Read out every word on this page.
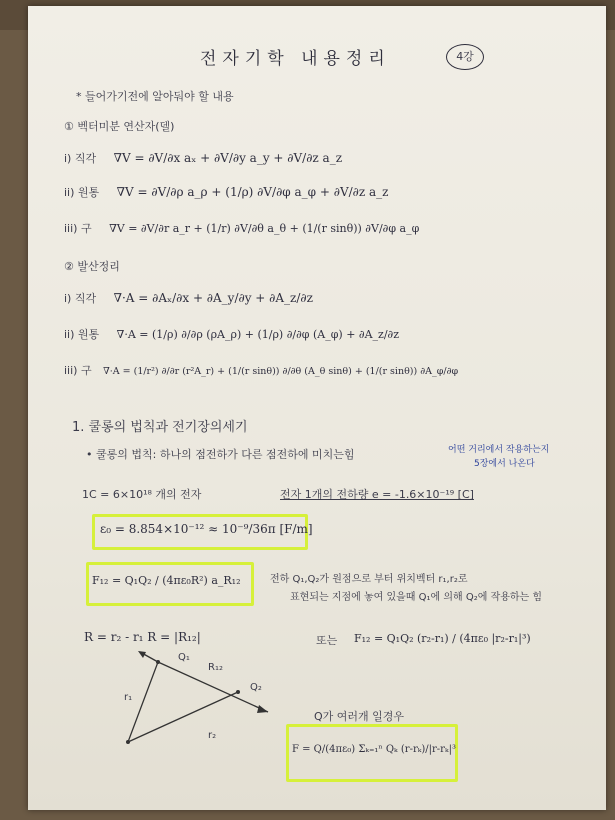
전자기학 내용정리	4강
* 들어가기전에 알아둬야 할 내용
① 벡터미분 연산자(델)
i) 직각 ∇V = ∂V/∂x aₓ + ∂V/∂y a_y + ∂V/∂z a_z
ii) 원통 ∇V = ∂V/∂ρ a_ρ + (1/ρ) ∂V/∂φ a_φ + ∂V/∂z a_z
iii) 구 ∇V = ∂V/∂r a_r + (1/r) ∂V/∂θ a_θ + (1/(r sinθ)) ∂V/∂φ a_φ
② 발산정리
i) 직각 ∇·A = ∂Aₓ/∂x + ∂A_y/∂y + ∂A_z/∂z
ii) 원통 ∇·A = (1/ρ) ∂/∂ρ (ρA_ρ) + (1/ρ) ∂/∂φ (A_φ) + ∂A_z/∂z
iii) 구 ∇·A = (1/r²) ∂/∂r (r²A_r) + (1/(r sinθ)) ∂/∂θ (A_θ sinθ) + (1/(r sinθ)) ∂A_φ/∂φ
1. 쿨롱의 법칙과 전기장의세기
• 쿨롱의 법칙: 하나의 점전하가 다른 점전하에 미치는힘	어떤 거리에서 작용하는지
5장에서 나온다
1C = 6×10¹⁸ 개의 전자	전자 1개의 전하량 e = -1.6×10⁻¹⁹ [C]
ε₀ = 8.854×10⁻¹² ≈ 10⁻⁹/36π [F/m]
F₁₂ = Q₁Q₂ / (4πε₀R²) a_R₁₂	전하 Q₁,Q₂가 원점으로 부터 위치벡터 r₁,r₂로
표현되는 지점에 놓여 있을때 Q₁에 의해 Q₂에 작용하는 힘
R = r₂ - r₁ R = |R₁₂|	또는 F₁₂ = Q₁Q₂ (r₂-r₁) / (4πε₀ |r₂-r₁|³)
Q₁
Q₂
R₁₂
r₁
r₂
Q가 여러개 일경우
F = Q/(4πε₀) Σₖ₌₁ⁿ Qₖ (r-rₖ)/|r-rₖ|³
